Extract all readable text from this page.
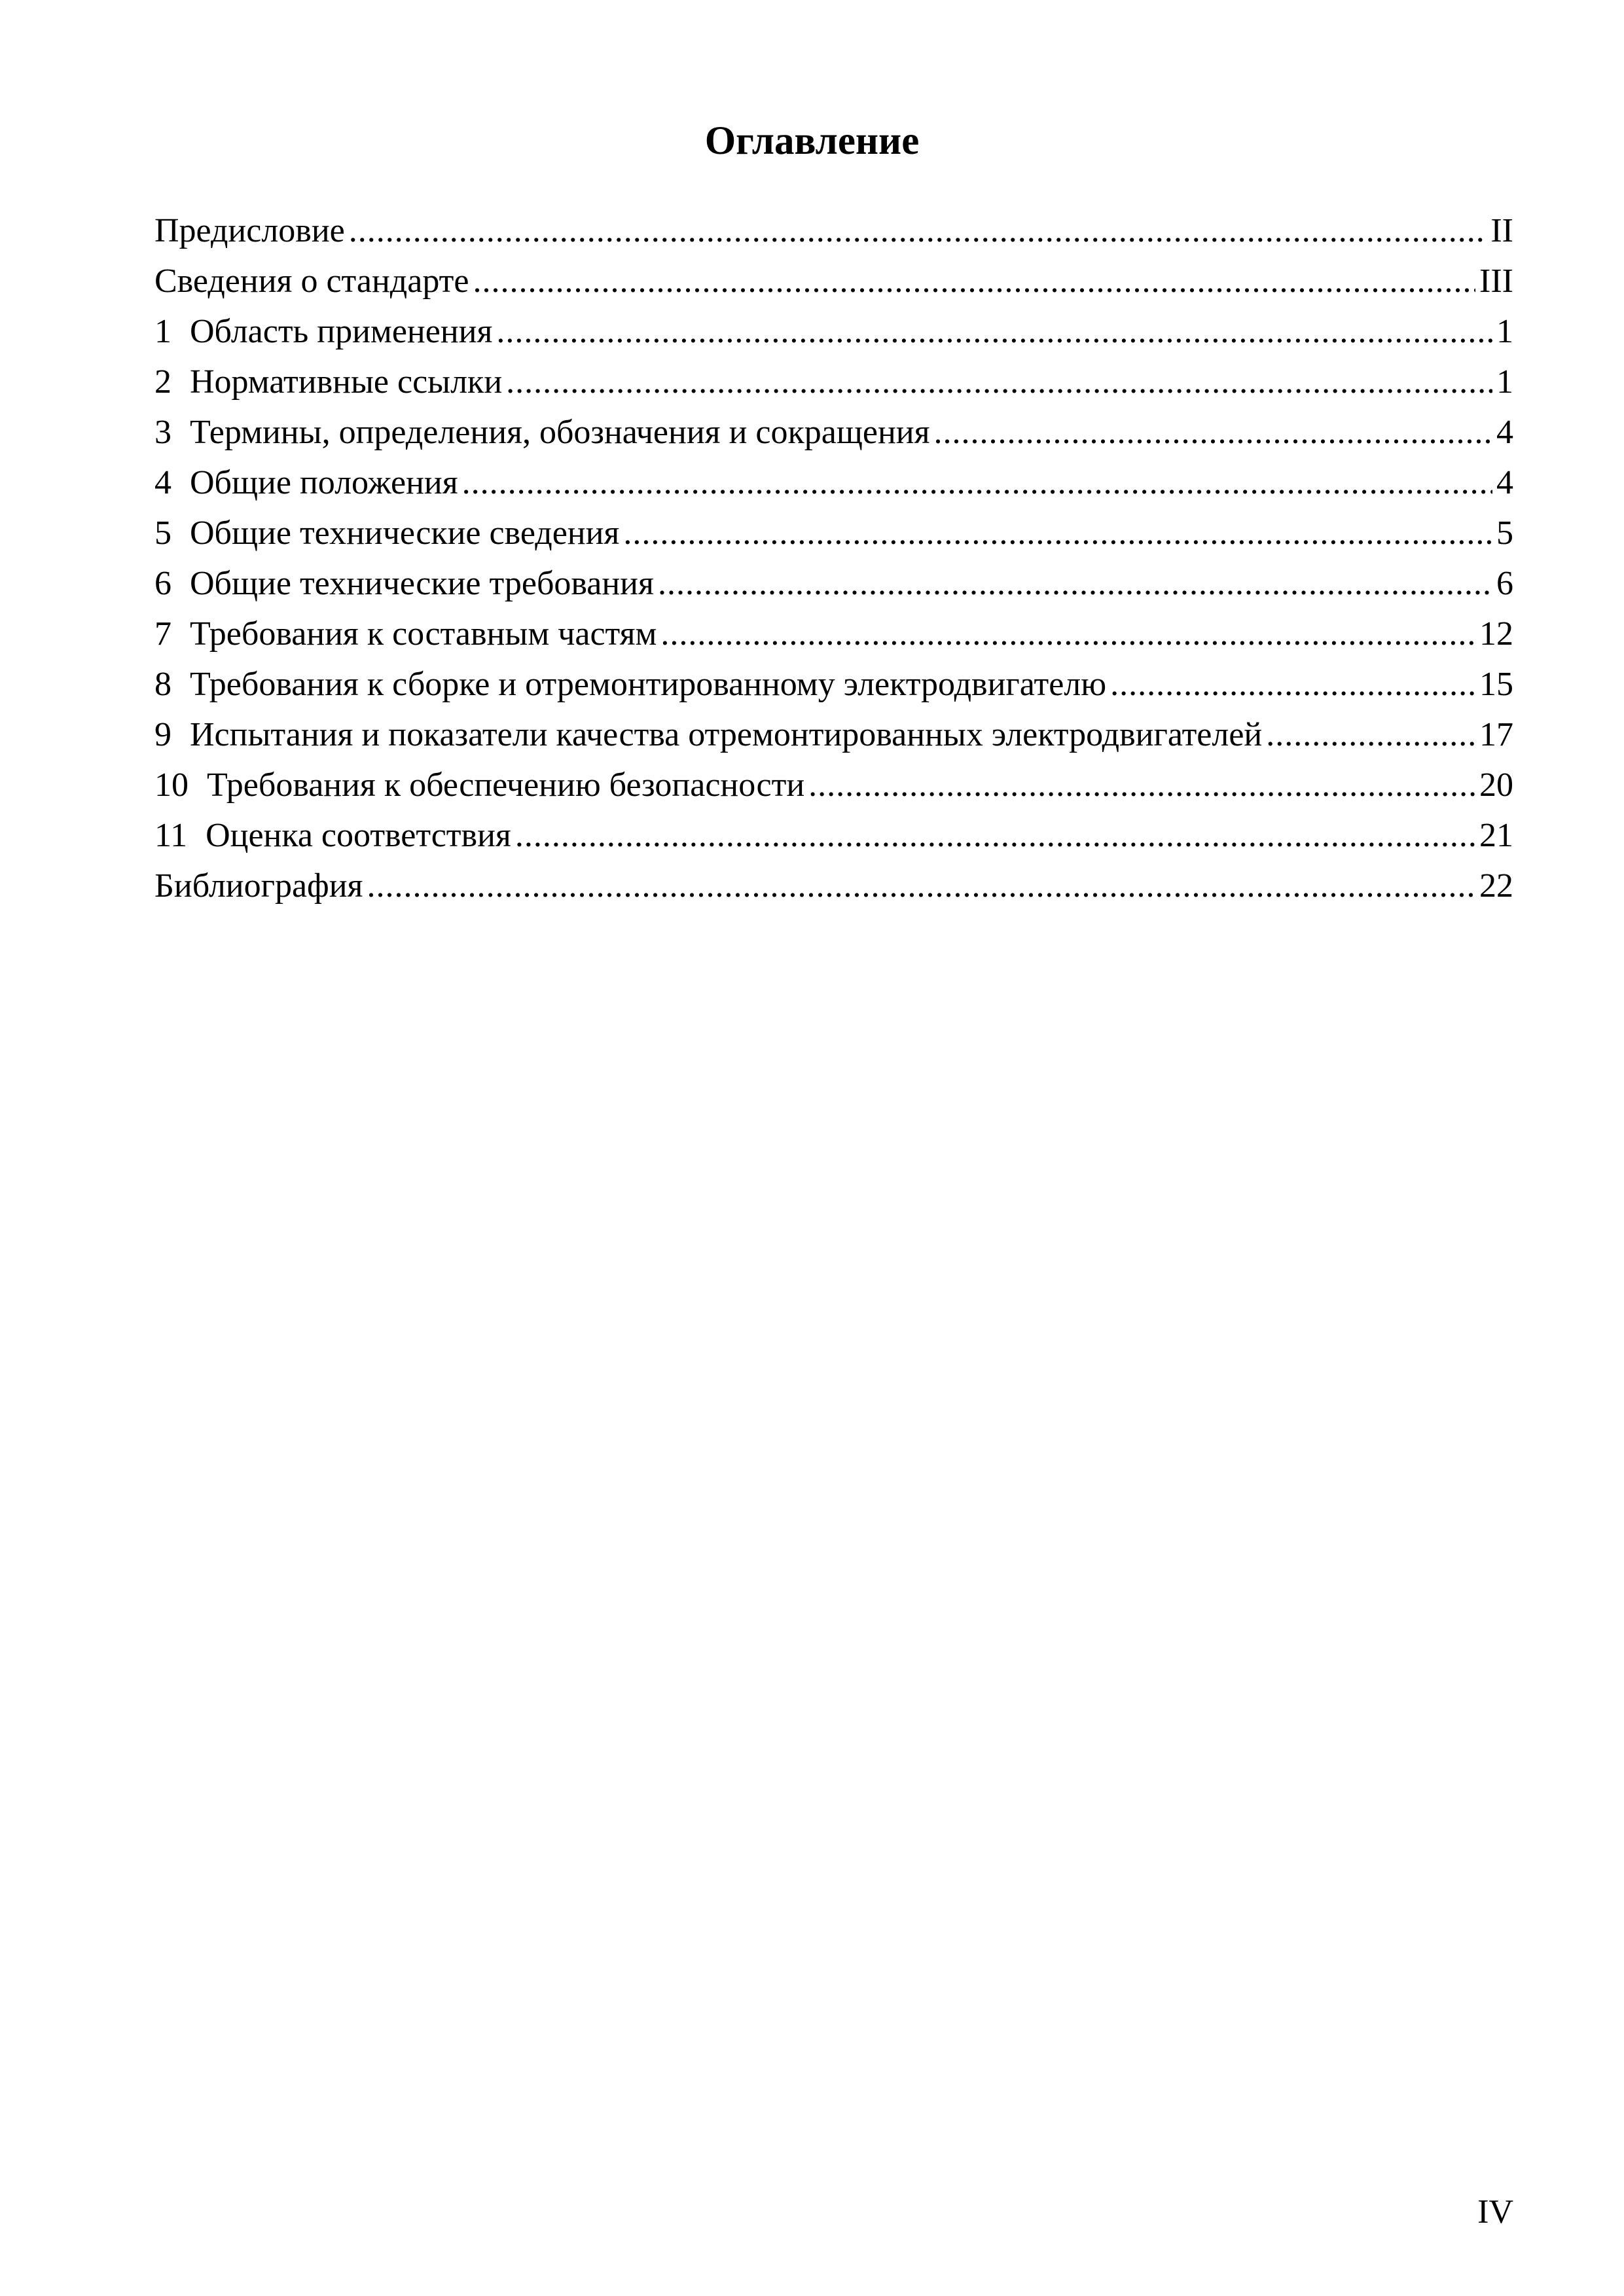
Оглавление
Предисловие .....	II
Сведения о стандарте .....	III
1 Область применения .....	1
2 Нормативные ссылки .....	1
3 Термины, определения, обозначения и сокращения .....	4
4 Общие положения .....	4
5 Общие технические сведения .....	5
6 Общие технические требования .....	6
7 Требования к составным частям .....	12
8 Требования к сборке и отремонтированному электродвигателю .....	15
9 Испытания и показатели качества отремонтированных электродвигателей .....	17
10 Требования к обеспечению безопасности .....	20
11 Оценка соответствия .....	21
Библиография .....	22
IV
